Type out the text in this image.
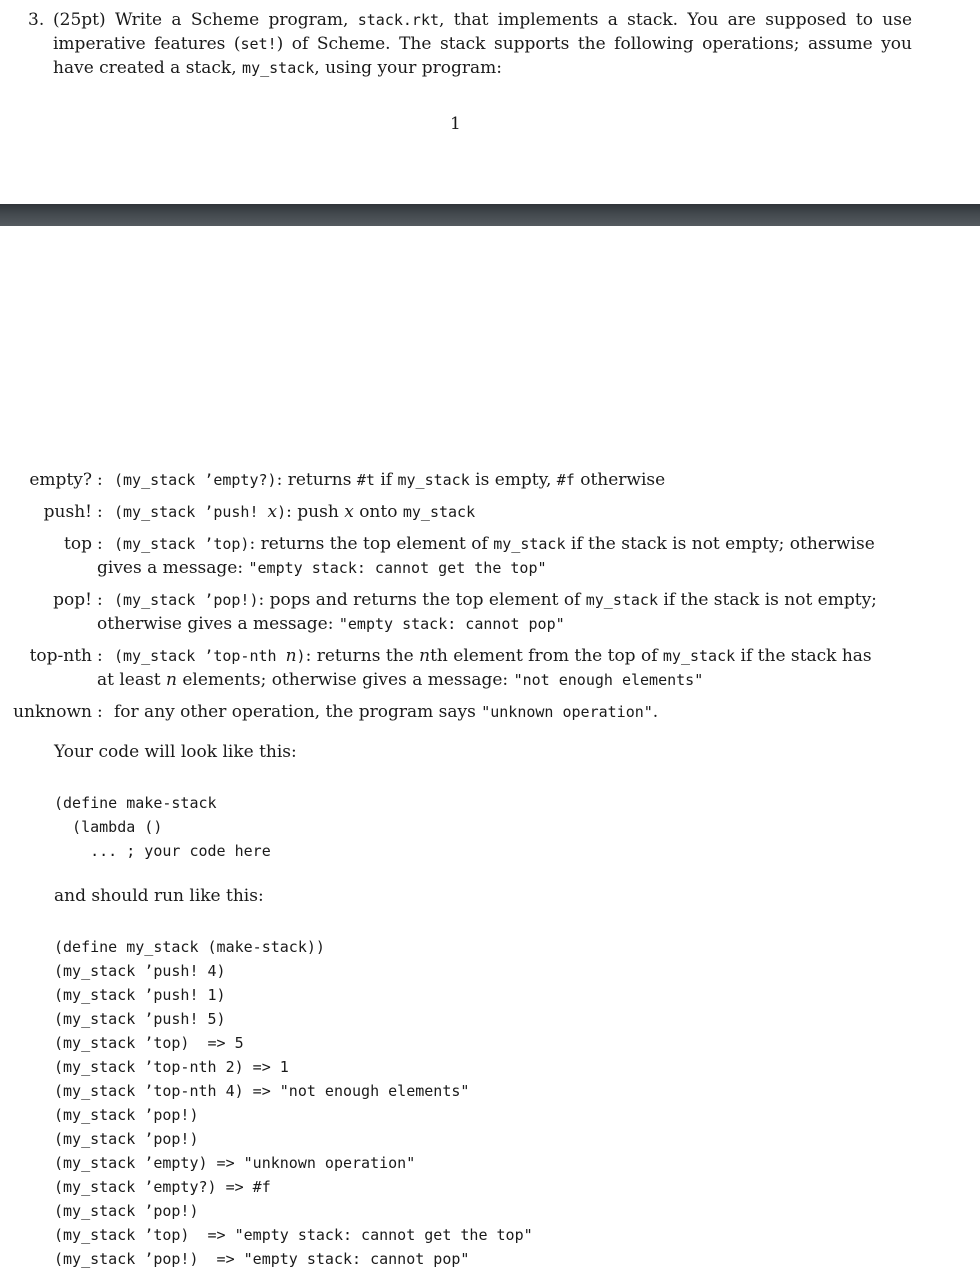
3. (25pt) Write a Scheme program, stack.rkt, that implements a stack. You are supposed to use imperative features (set!) of Scheme. The stack supports the following operations; assume you have created a stack, my_stack, using your program:
1
empty? : (my_stack ’empty?): returns #t if my_stack is empty, #f otherwise
push! : (my_stack ’push! x): push x onto my_stack
top : (my_stack ’top): returns the top element of my_stack if the stack is not empty; otherwise
gives a message: "empty stack: cannot get the top"
pop! : (my_stack ’pop!): pops and returns the top element of my_stack if the stack is not empty;
otherwise gives a message: "empty stack: cannot pop"
top-nth : (my_stack ’top-nth n): returns the nth element from the top of my_stack if the stack has
at least n elements; otherwise gives a message: "not enough elements"
unknown : for any other operation, the program says "unknown operation".
Your code will look like this:
(define make-stack
(lambda ()
... ; your code here
and should run like this:
(define my_stack (make-stack))
(my_stack ’push! 4)
(my_stack ’push! 1)
(my_stack ’push! 5)
(my_stack ’top)  => 5
(my_stack ’top-nth 2) => 1
(my_stack ’top-nth 4) => "not enough elements"
(my_stack ’pop!)
(my_stack ’pop!)
(my_stack ’empty) => "unknown operation"
(my_stack ’empty?) => #f
(my_stack ’pop!)
(my_stack ’top)  => "empty stack: cannot get the top"
(my_stack ’pop!)  => "empty stack: cannot pop"
